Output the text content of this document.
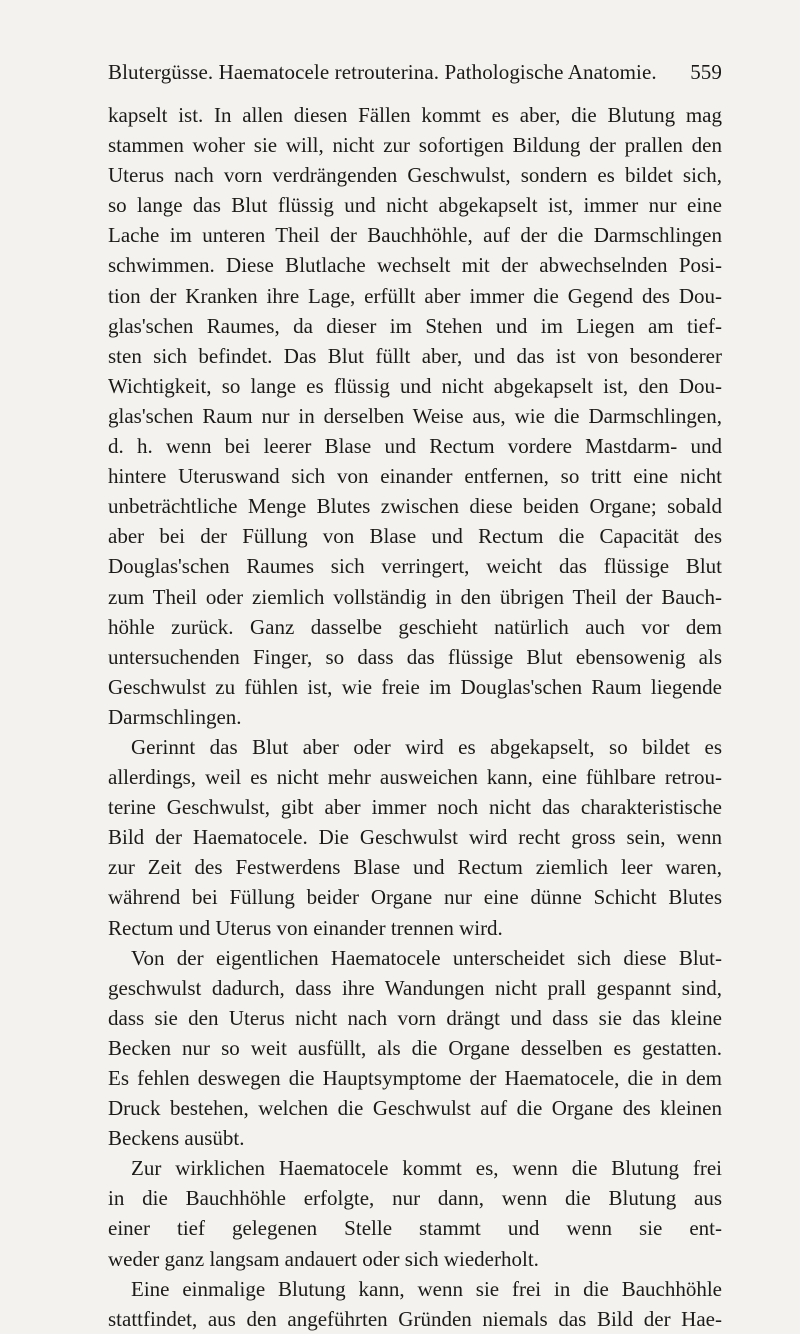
Blutergüsse. Haematocele retrouterina. Pathologische Anatomie. 559
kapselt ist. In allen diesen Fällen kommt es aber, die Blutung mag
stammen woher sie will, nicht zur sofortigen Bildung der prallen den
Uterus nach vorn verdrängenden Geschwulst, sondern es bildet sich,
so lange das Blut flüssig und nicht abgekapselt ist, immer nur eine
Lache im unteren Theil der Bauchhöhle, auf der die Darmschlingen
schwimmen. Diese Blutlache wechselt mit der abwechselnden Posi-
tion der Kranken ihre Lage, erfüllt aber immer die Gegend des Dou-
glas'schen Raumes, da dieser im Stehen und im Liegen am tief-
sten sich befindet. Das Blut füllt aber, und das ist von besonderer
Wichtigkeit, so lange es flüssig und nicht abgekapselt ist, den Dou-
glas'schen Raum nur in derselben Weise aus, wie die Darmschlingen,
d. h. wenn bei leerer Blase und Rectum vordere Mastdarm- und
hintere Uteruswand sich von einander entfernen, so tritt eine nicht
unbeträchtliche Menge Blutes zwischen diese beiden Organe; sobald
aber bei der Füllung von Blase und Rectum die Capacität des
Douglas'schen Raumes sich verringert, weicht das flüssige Blut
zum Theil oder ziemlich vollständig in den übrigen Theil der Bauch-
höhle zurück. Ganz dasselbe geschieht natürlich auch vor dem
untersuchenden Finger, so dass das flüssige Blut ebensowenig als
Geschwulst zu fühlen ist, wie freie im Douglas'schen Raum liegende
Darmschlingen.
Gerinnt das Blut aber oder wird es abgekapselt, so bildet es
allerdings, weil es nicht mehr ausweichen kann, eine fühlbare retrou-
terine Geschwulst, gibt aber immer noch nicht das charakteristische
Bild der Haematocele. Die Geschwulst wird recht gross sein, wenn
zur Zeit des Festwerdens Blase und Rectum ziemlich leer waren,
während bei Füllung beider Organe nur eine dünne Schicht Blutes
Rectum und Uterus von einander trennen wird.
Von der eigentlichen Haematocele unterscheidet sich diese Blut-
geschwulst dadurch, dass ihre Wandungen nicht prall gespannt sind,
dass sie den Uterus nicht nach vorn drängt und dass sie das kleine
Becken nur so weit ausfüllt, als die Organe desselben es gestatten.
Es fehlen deswegen die Hauptsymptome der Haematocele, die in dem
Druck bestehen, welchen die Geschwulst auf die Organe des kleinen
Beckens ausübt.
Zur wirklichen Haematocele kommt es, wenn die Blutung frei
in die Bauchhöhle erfolgte, nur dann, wenn die Blutung aus
einer tief gelegenen Stelle stammt und wenn sie ent-
weder ganz langsam andauert oder sich wiederholt.
Eine einmalige Blutung kann, wenn sie frei in die Bauchhöhle
stattfindet, aus den angeführten Gründen niemals das Bild der Hae-
